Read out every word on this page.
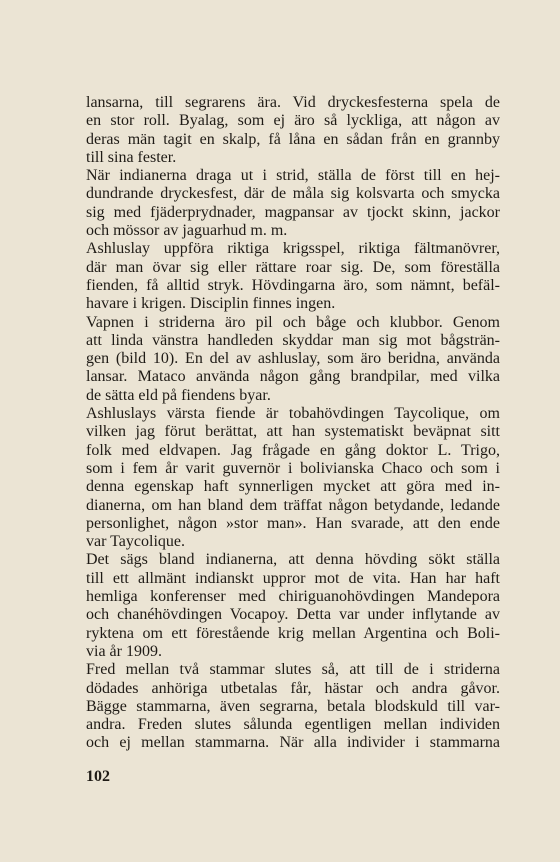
lansarna, till segrarens ära. Vid dryckesfesterna spela de
en stor roll. Byalag, som ej äro så lyckliga, att någon av
deras män tagit en skalp, få låna en sådan från en grannby
till sina fester.

När indianerna draga ut i strid, ställa de först till en hej-
dundrande dryckesfest, där de måla sig kolsvarta och smycka
sig med fjäderprydnader, magpansar av tjockt skinn, jackor
och mössor av jaguarhud m. m.

Ashluslay uppföra riktiga krigsspel, riktiga fältmanövrer,
där man övar sig eller rättare roar sig. De, som föreställa
fienden, få alltid stryk. Hövdingarna äro, som nämnt, befäl-
havare i krigen. Disciplin finnes ingen.

Vapnen i striderna äro pil och båge och klubbor. Genom
att linda vänstra handleden skyddar man sig mot bågsträn-
gen (bild 10). En del av ashluslay, som äro beridna, använda
lansar. Mataco använda någon gång brandpilar, med vilka
de sätta eld på fiendens byar.

Ashluslays värsta fiende är tobahövdingen Taycolique, om
vilken jag förut berättat, att han systematiskt beväpnat sitt
folk med eldvapen. Jag frågade en gång doktor L. Trigo,
som i fem år varit guvernör i bolivianska Chaco och som i
denna egenskap haft synnerligen mycket att göra med in-
dianerna, om han bland dem träffat någon betydande, ledande
personlighet, någon »stor man». Han svarade, att den ende
var Taycolique.

Det sägs bland indianerna, att denna hövding sökt ställa
till ett allmänt indianskt uppror mot de vita. Han har haft
hemliga konferenser med chiriguanohövdingen Mandepora
och chanéhövdingen Vocapoy. Detta var under inflytande av
ryktena om ett förestående krig mellan Argentina och Boli-
via år 1909.

Fred mellan två stammar slutes så, att till de i striderna
dödades anhöriga utbetalas får, hästar och andra gåvor.
Bägge stammarna, även segrarna, betala blodskuld till var-
andra. Freden slutes sålunda egentligen mellan individen
och ej mellan stammarna. När alla individer i stammarna

102
